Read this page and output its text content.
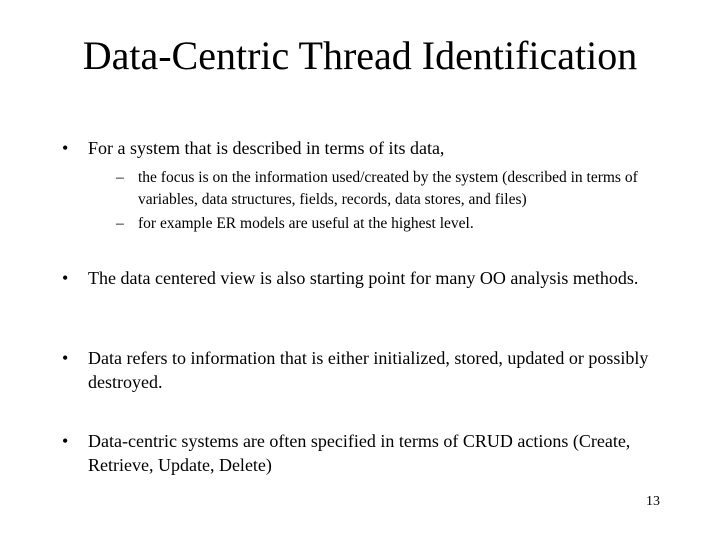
Data-Centric Thread Identification
•	For a system that is described in terms of its data,
– the focus is on the information used/created by the system (described in terms of variables, data structures, fields, records, data stores, and files)
– for example ER models are useful at the highest level.
•	The data centered view is also starting point for many OO analysis methods.
•	Data refers to information that is either initialized, stored, updated or possibly destroyed.
•	Data-centric systems are often specified in terms of CRUD actions (Create, Retrieve, Update, Delete)
13
